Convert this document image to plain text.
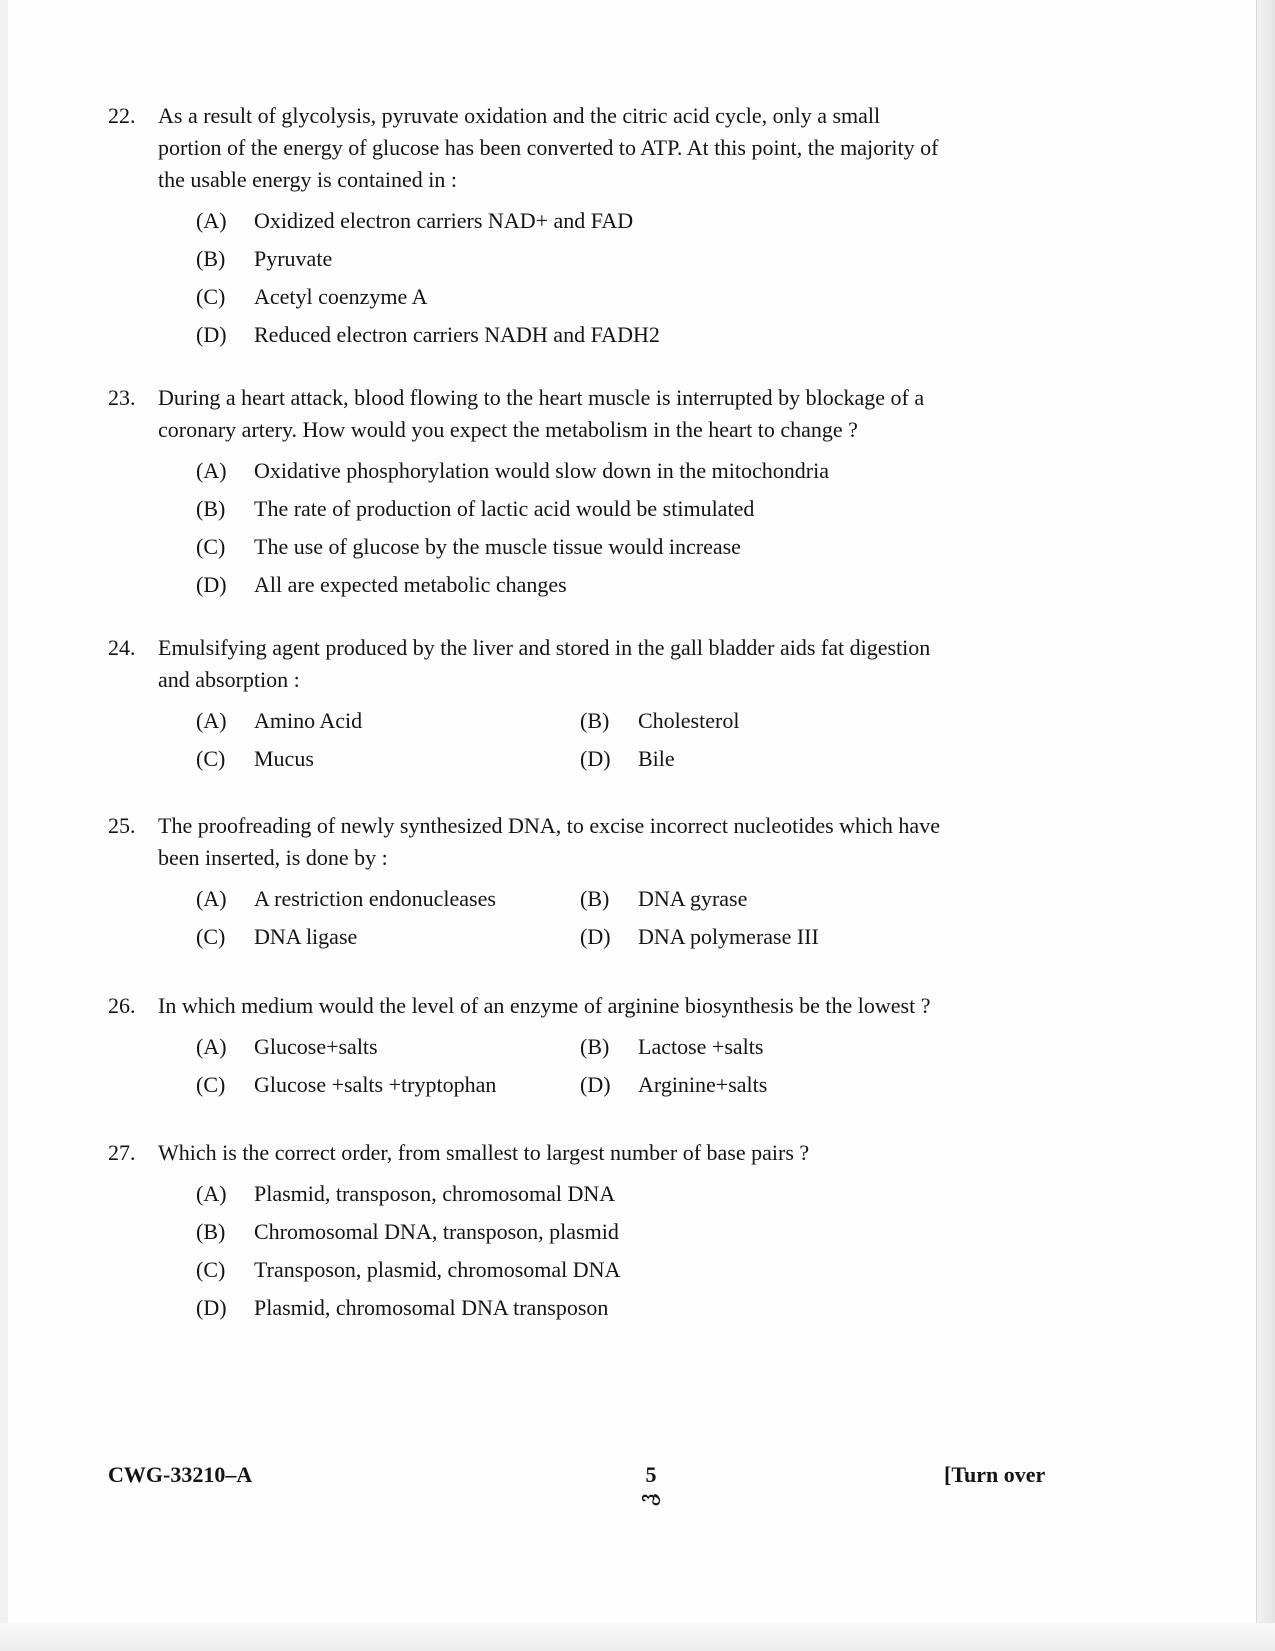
22. As a result of glycolysis, pyruvate oxidation and the citric acid cycle, only a small portion of the energy of glucose has been converted to ATP. At this point, the majority of the usable energy is contained in :
(A) Oxidized electron carriers NAD+ and FAD
(B) Pyruvate
(C) Acetyl coenzyme A
(D) Reduced electron carriers NADH and FADH2
23. During a heart attack, blood flowing to the heart muscle is interrupted by blockage of a coronary artery. How would you expect the metabolism in the heart to change ?
(A) Oxidative phosphorylation would slow down in the mitochondria
(B) The rate of production of lactic acid would be stimulated
(C) The use of glucose by the muscle tissue would increase
(D) All are expected metabolic changes
24. Emulsifying agent produced by the liver and stored in the gall bladder aids fat digestion and absorption :
(A) Amino Acid	(B) Cholesterol
(C) Mucus	(D) Bile
25. The proofreading of newly synthesized DNA, to excise incorrect nucleotides which have been inserted, is done by :
(A) A restriction endonucleases	(B) DNA gyrase
(C) DNA ligase	(D) DNA polymerase III
26. In which medium would the level of an enzyme of arginine biosynthesis be the lowest ?
(A) Glucose+salts	(B) Lactose +salts
(C) Glucose +salts +tryptophan	(D) Arginine+salts
27. Which is the correct order, from smallest to largest number of base pairs ?
(A) Plasmid, transposon, chromosomal DNA
(B) Chromosomal DNA, transposon, plasmid
(C) Transposon, plasmid, chromosomal DNA
(D) Plasmid, chromosomal DNA transposon
CWG-33210–A	5
ಌ
[Turn over
